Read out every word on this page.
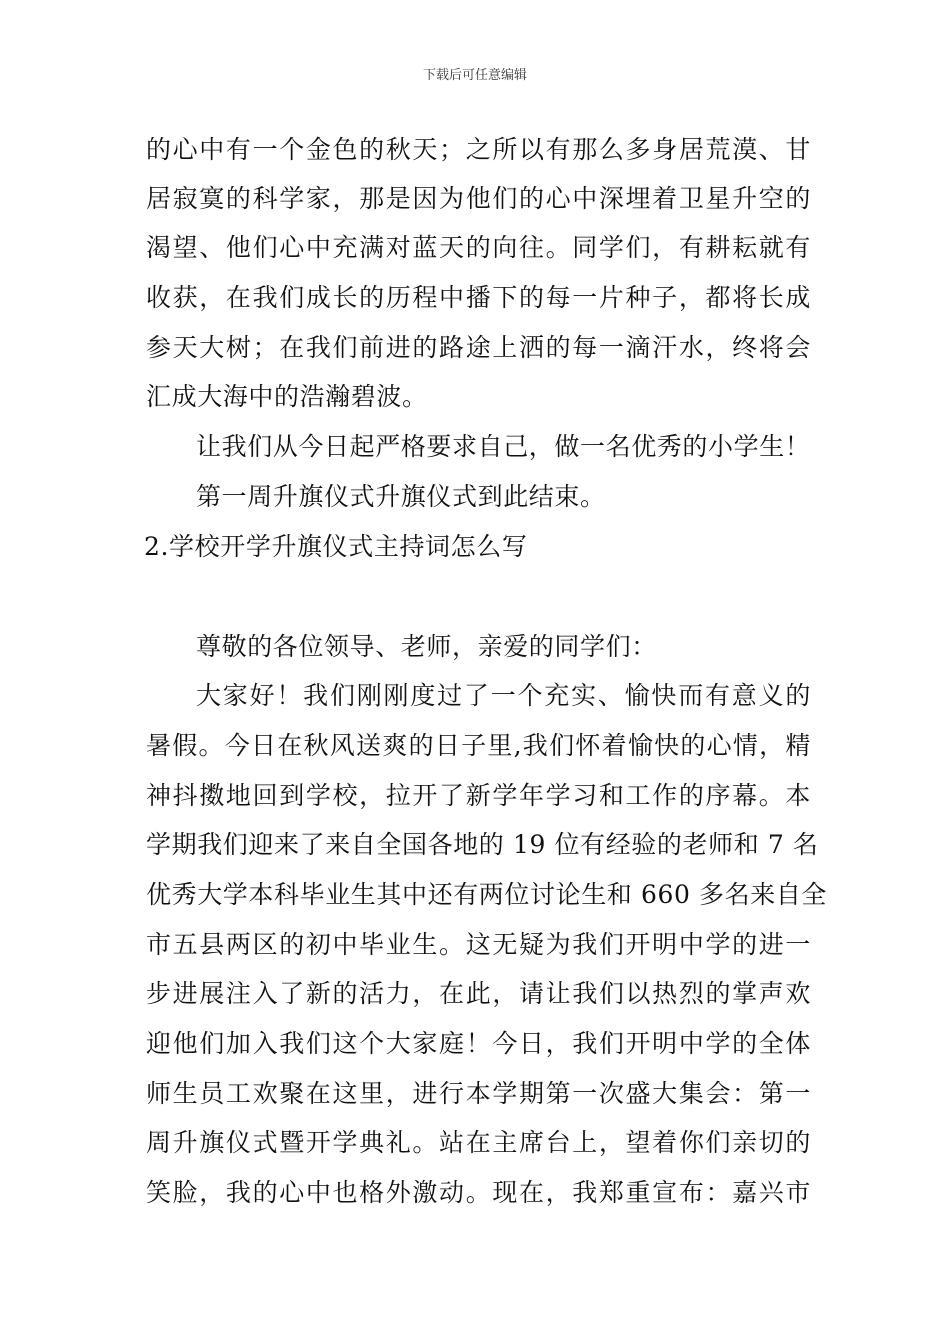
下载后可任意编辑
的心中有一个金色的秋天；之所以有那么多身居荒漠、甘
居寂寞的科学家，那是因为他们的心中深埋着卫星升空的
渴望、他们心中充满对蓝天的向往。同学们，有耕耘就有
收获，在我们成长的历程中播下的每一片种子，都将长成
参天大树；在我们前进的路途上洒的每一滴汗水，终将会
汇成大海中的浩瀚碧波。
让我们从今日起严格要求自己，做一名优秀的小学生！
第一周升旗仪式升旗仪式到此结束。
2.学校开学升旗仪式主持词怎么写
尊敬的各位领导、老师，亲爱的同学们：
大家好！我们刚刚度过了一个充实、愉快而有意义的
暑假。今日在秋风送爽的日子里,我们怀着愉快的心情，精
神抖擞地回到学校，拉开了新学年学习和工作的序幕。本
学期我们迎来了来自全国各地的 19 位有经验的老师和 7 名
优秀大学本科毕业生其中还有两位讨论生和 660 多名来自全
市五县两区的初中毕业生。这无疑为我们开明中学的进一
步进展注入了新的活力，在此，请让我们以热烈的掌声欢
迎他们加入我们这个大家庭！今日，我们开明中学的全体
师生员工欢聚在这里，进行本学期第一次盛大集会：第一
周升旗仪式暨开学典礼。站在主席台上，望着你们亲切的
笑脸，我的心中也格外激动。现在，我郑重宣布：嘉兴市
